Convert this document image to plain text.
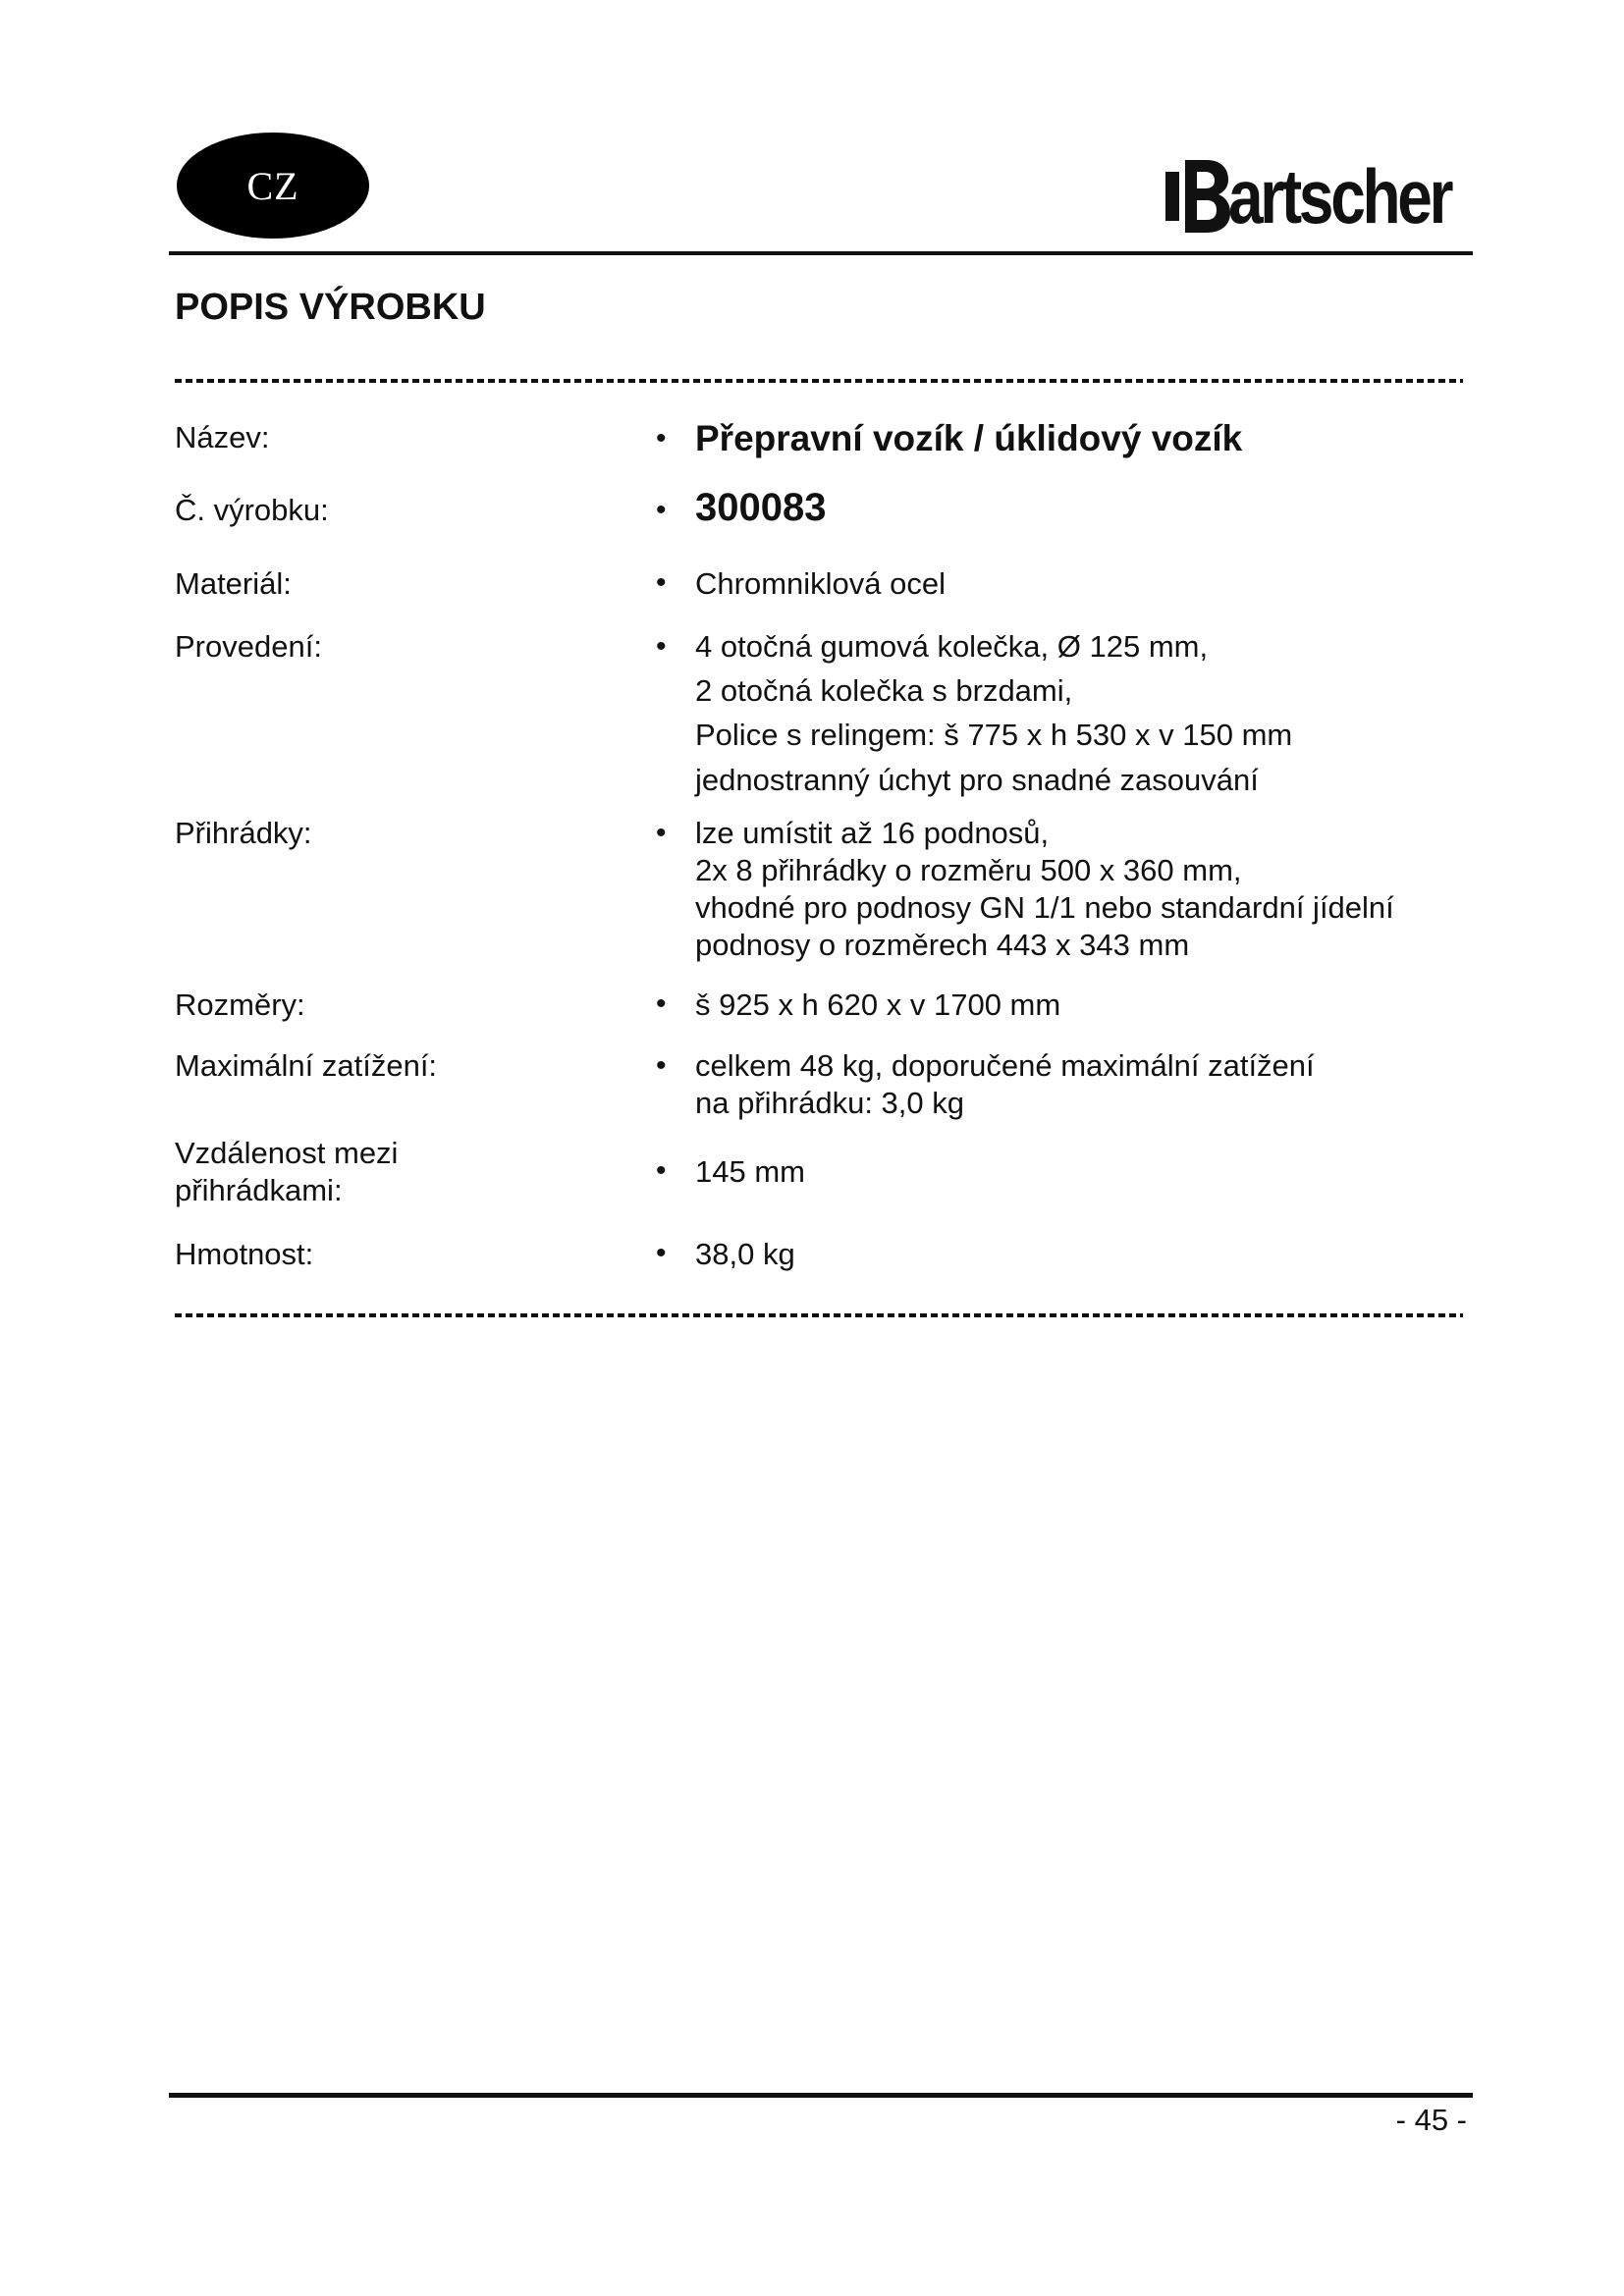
CZ	artscher
POPIS VÝROBKU
Název:	• Přepravní vozík / úklidový vozík
Č. výrobku:	• 300083
Materiál:	• Chromniklová ocel
Provedení:	• 4 otočná gumová kolečka, Ø 125 mm,
2 otočná kolečka s brzdami,
Police s relingem: š 775 x h 530 x v 150 mm
jednostranný úchyt pro snadné zasouvání
Přihrádky:	• lze umístit až 16 podnosů,
2x 8 přihrádky o rozměru 500 x 360 mm,
vhodné pro podnosy GN 1/1 nebo standardní jídelní
podnosy o rozměrech 443 x 343 mm
Rozměry:	• š 925 x h 620 x v 1700 mm
Maximální zatížení:	• celkem 48 kg, doporučené maximální zatížení
na přihrádku: 3,0 kg
Vzdálenost mezi
přihrádkami:
• 145 mm
Hmotnost:	• 38,0 kg
- 45 -
